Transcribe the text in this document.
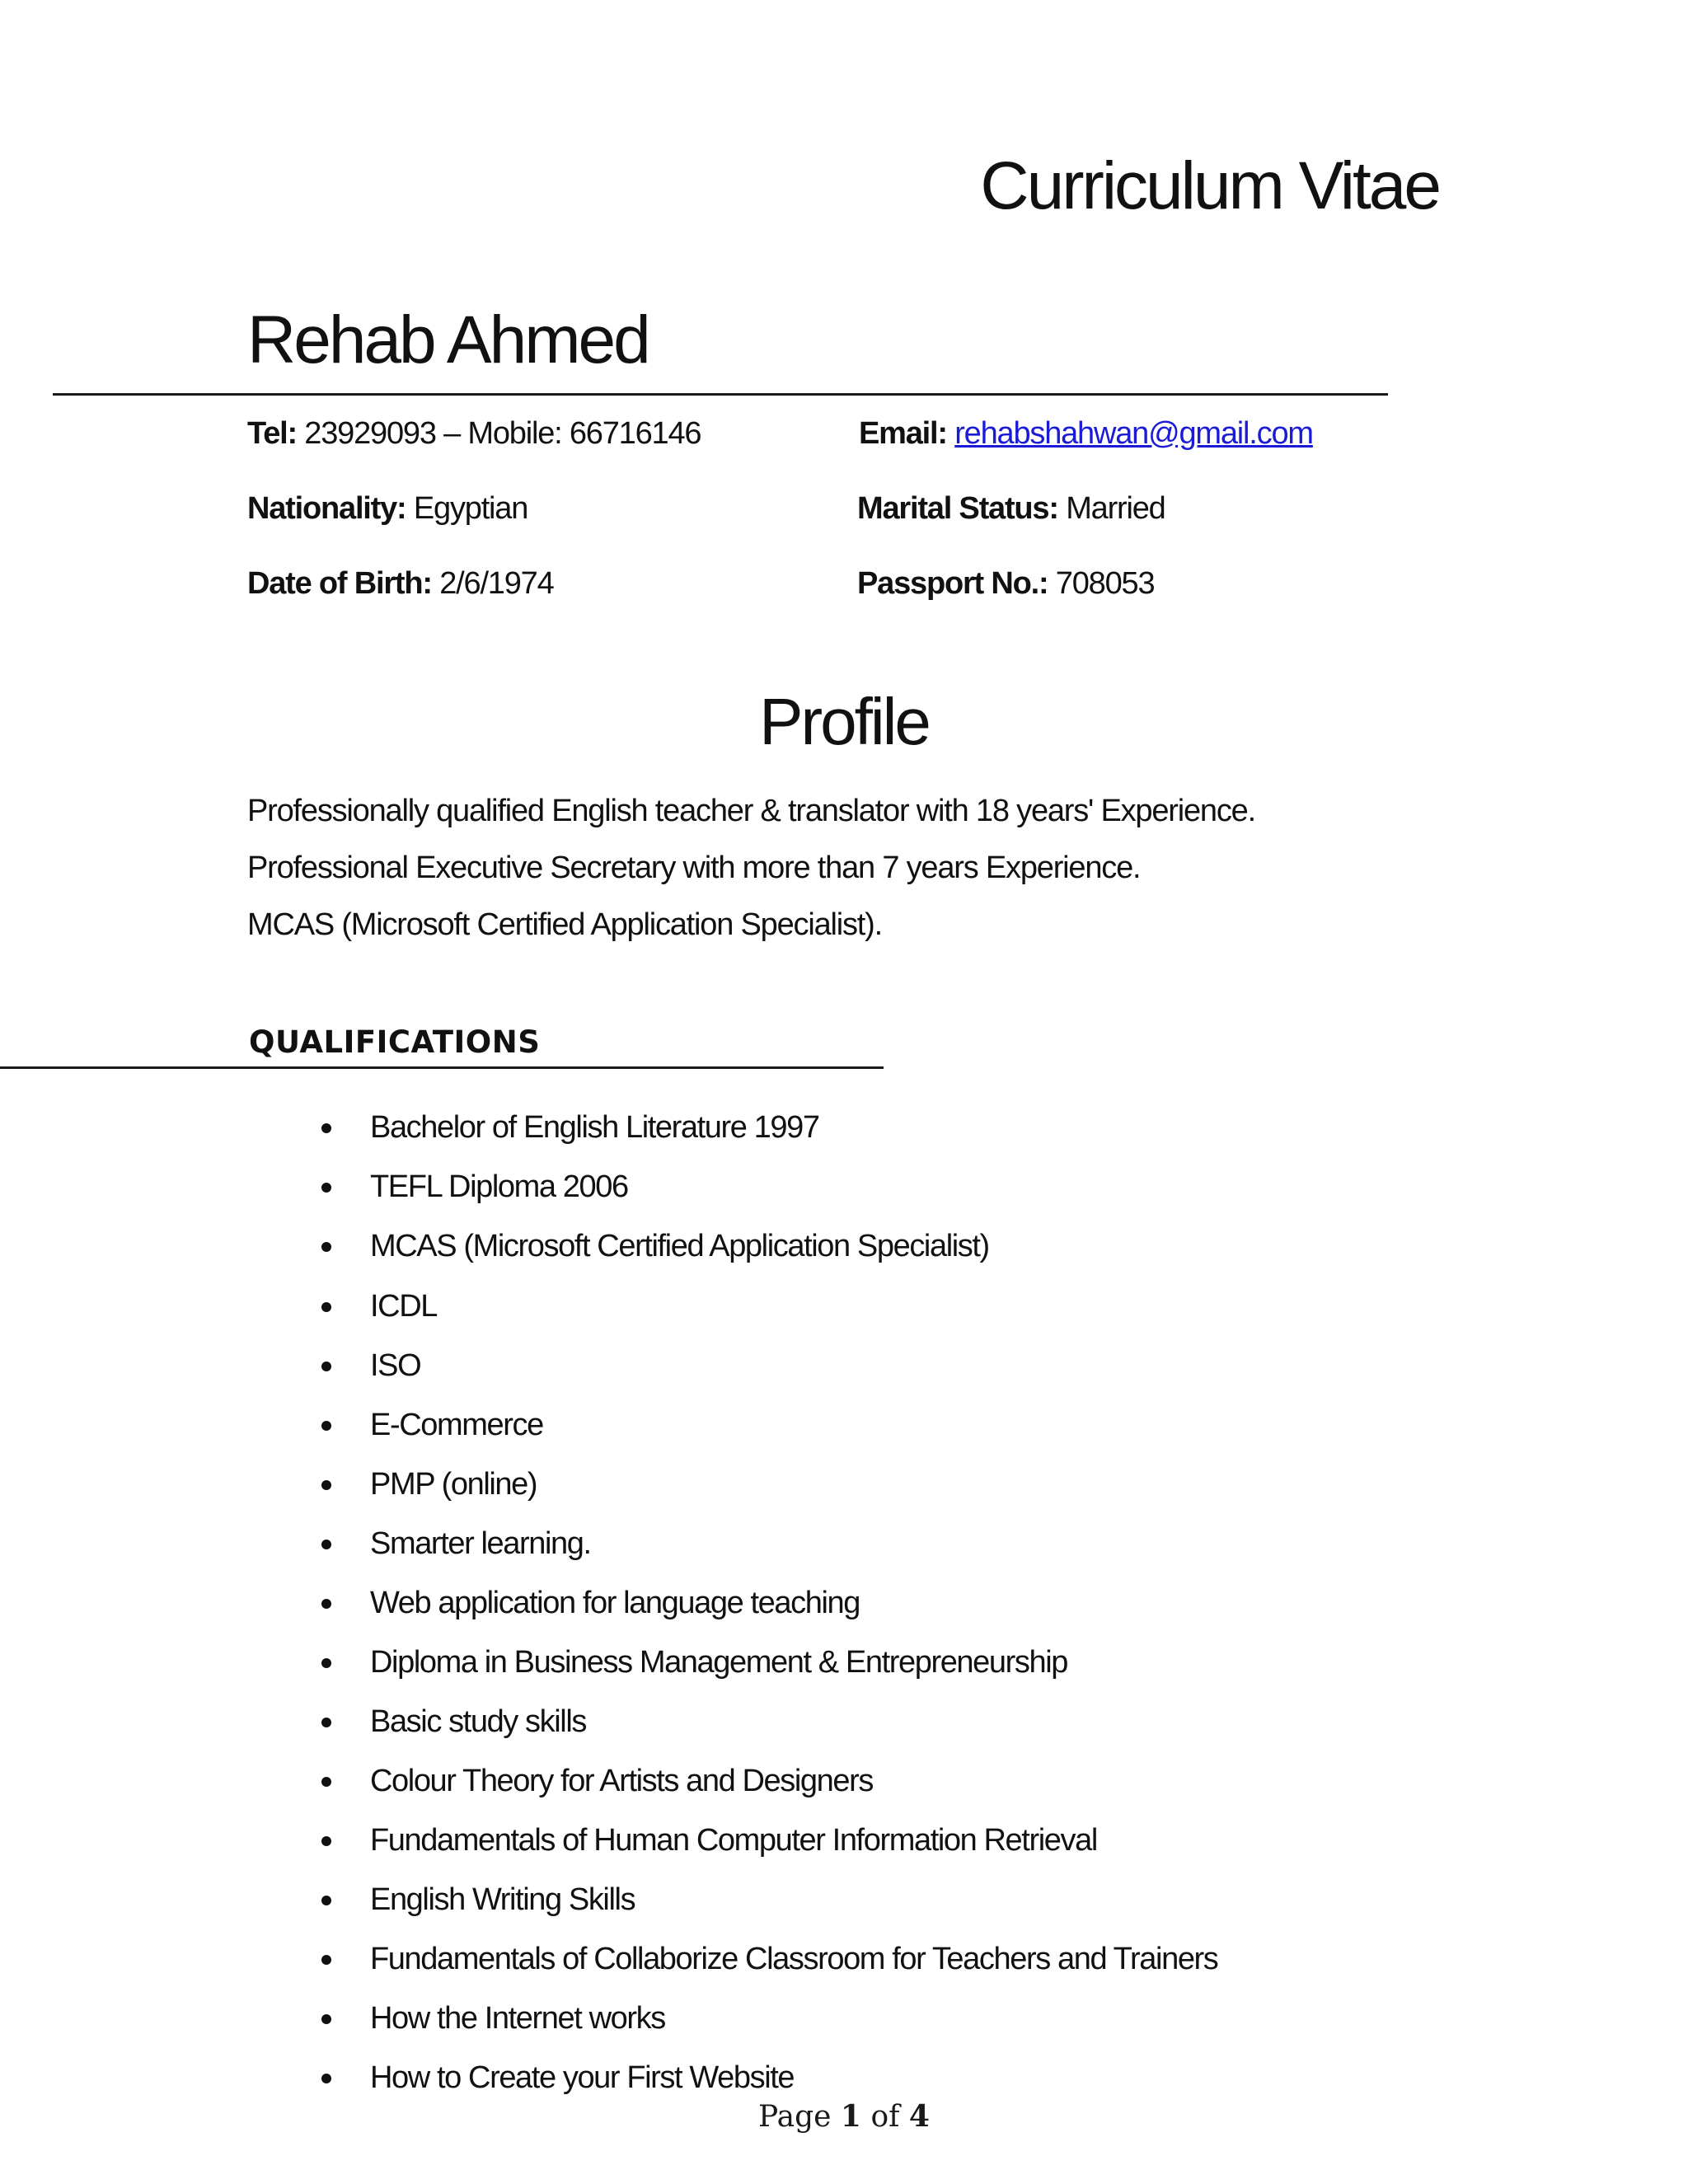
Curriculum Vitae
Rehab Ahmed
Tel: 23929093 – Mobile: 66716146	Email: rehabshahwan@gmail.com
Nationality: Egyptian	Marital Status: Married
Date of Birth: 2/6/1974	Passport No.: 708053
Profile
Professionally qualified English teacher & translator with 18 years' Experience.
Professional Executive Secretary with more than 7 years Experience.
MCAS (Microsoft Certified Application Specialist).
QUALIFICATIONS
Bachelor of English Literature 1997
TEFL Diploma 2006
MCAS (Microsoft Certified Application Specialist)
ICDL
ISO
E-Commerce
PMP (online)
Smarter learning.
Web application for language teaching
Diploma in Business Management & Entrepreneurship
Basic study skills
Colour Theory for Artists and Designers
Fundamentals of Human Computer Information Retrieval
English Writing Skills
Fundamentals of Collaborize Classroom for Teachers and Trainers
How the Internet works
How to Create your First Website
Page 1 of 4
